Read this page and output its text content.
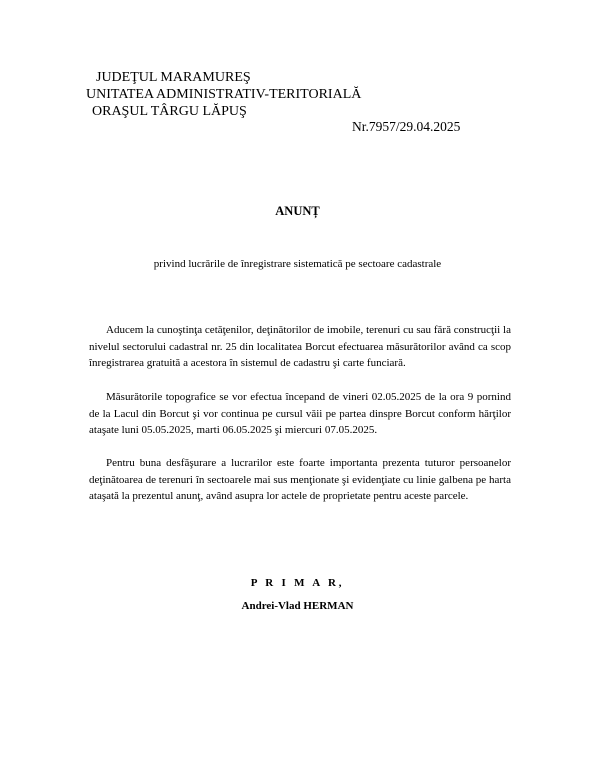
JUDEŢUL MARAMUREŞ
UNITATEA ADMINISTRATIV-TERITORIALĂ
ORAŞUL TÂRGU LĂPUŞ
Nr.7957/29.04.2025
ANUNȚ
privind lucrările de înregistrare sistematică pe sectoare cadastrale

Aducem la cunoştinţa cetăţenilor, deţinătorilor de imobile, terenuri cu sau fără construcţii la nivelul sectorului cadastral nr. 25 din localitatea Borcut efectuarea măsurătorilor având ca scop înregistrarea gratuită a acestora în sistemul de cadastru şi carte funciară.

Măsurătorile topografice se vor efectua începand de vineri 02.05.2025 de la ora 9 pornind de la Lacul din Borcut şi vor continua pe cursul văii pe partea dinspre Borcut conform hărţilor ataşate luni 05.05.2025, marti 06.05.2025 şi miercuri 07.05.2025.

Pentru buna desfăşurare a lucrarilor este foarte importanta prezenta tuturor persoanelor deţinătoarea de terenuri în sectoarele mai sus menţionate şi evidenţiate cu linie galbena pe harta ataşată la prezentul anunţ, având asupra lor actele de proprietate pentru aceste parcele.

P R I M A R,
Andrei-Vlad HERMAN
